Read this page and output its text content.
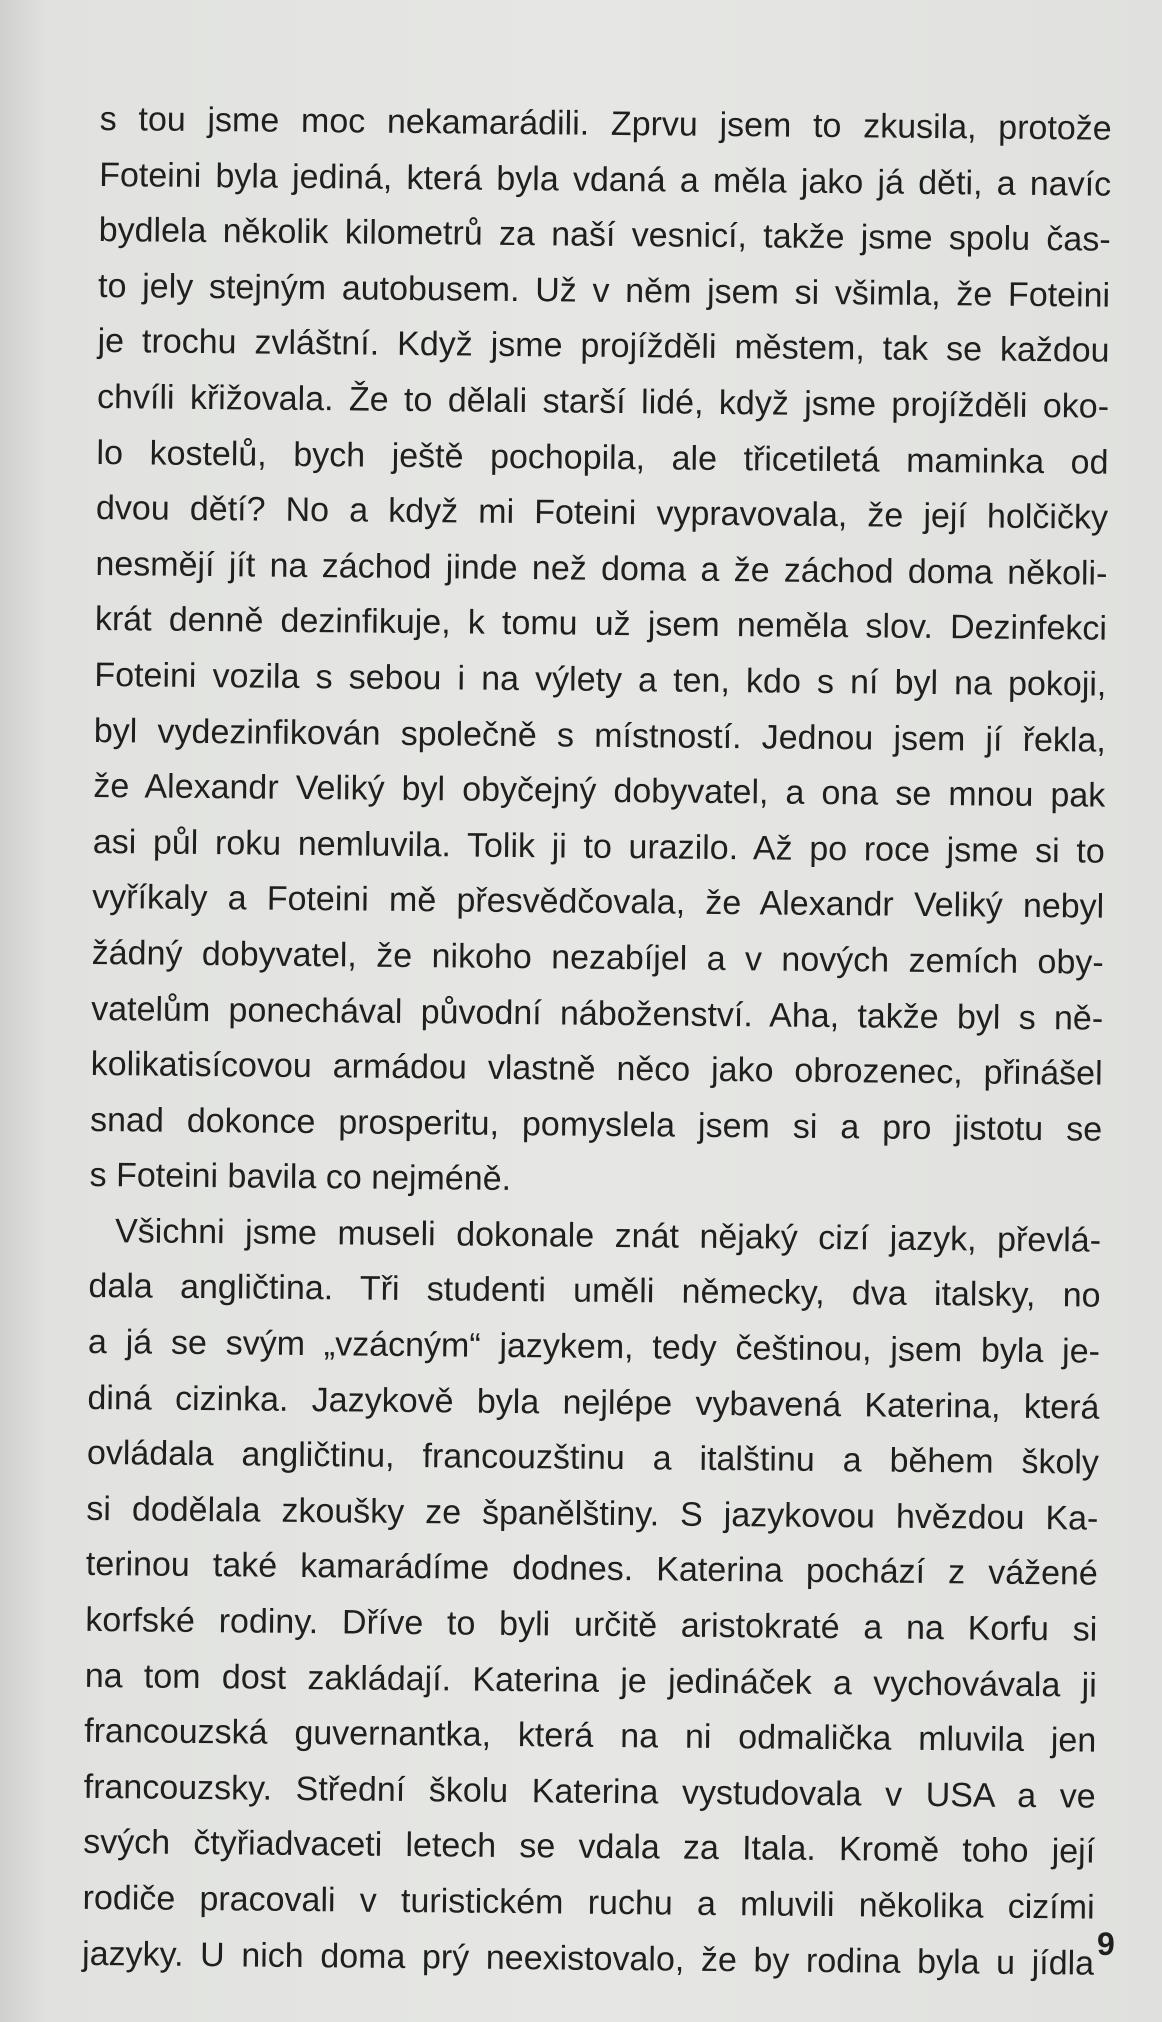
s tou jsme moc nekamarádili. Zprvu jsem to zkusila, protože
Foteini byla jediná, která byla vdaná a měla jako já děti, a navíc
bydlela několik kilometrů za naší vesnicí, takže jsme spolu čas-
to jely stejným autobusem. Už v něm jsem si všimla, že Foteini
je trochu zvláštní. Když jsme projížděli městem, tak se každou
chvíli křižovala. Že to dělali starší lidé, když jsme projížděli oko-
lo kostelů, bych ještě pochopila, ale třicetiletá maminka od
dvou dětí? No a když mi Foteini vypravovala, že její holčičky
nesmějí jít na záchod jinde než doma a že záchod doma několi-
krát denně dezinfikuje, k tomu už jsem neměla slov. Dezinfekci
Foteini vozila s sebou i na výlety a ten, kdo s ní byl na pokoji,
byl vydezinfikován společně s místností. Jednou jsem jí řekla,
že Alexandr Veliký byl obyčejný dobyvatel, a ona se mnou pak
asi půl roku nemluvila. Tolik ji to urazilo. Až po roce jsme si to
vyříkaly a Foteini mě přesvědčovala, že Alexandr Veliký nebyl
žádný dobyvatel, že nikoho nezabíjel a v nových zemích oby-
vatelům ponechával původní náboženství. Aha, takže byl s ně-
kolikatisícovou armádou vlastně něco jako obrozenec, přinášel
snad dokonce prosperitu, pomyslela jsem si a pro jistotu se
s Foteini bavila co nejméně.
Všichni jsme museli dokonale znát nějaký cizí jazyk, převlá-
dala angličtina. Tři studenti uměli německy, dva italsky, no
a já se svým „vzácným“ jazykem, tedy češtinou, jsem byla je-
diná cizinka. Jazykově byla nejlépe vybavená Katerina, která
ovládala angličtinu, francouzštinu a italštinu a během školy
si dodělala zkoušky ze španělštiny. S jazykovou hvězdou Ka-
terinou také kamarádíme dodnes. Katerina pochází z vážené
korfské rodiny. Dříve to byli určitě aristokraté a na Korfu si
na tom dost zakládají. Katerina je jedináček a vychovávala ji
francouzská guvernantka, která na ni odmalička mluvila jen
francouzsky. Střední školu Katerina vystudovala v USA a ve
svých čtyřiadvaceti letech se vdala za Itala. Kromě toho její
rodiče pracovali v turistickém ruchu a mluvili několika cizími
jazyky. U nich doma prý neexistovalo, že by rodina byla u jídla 9
